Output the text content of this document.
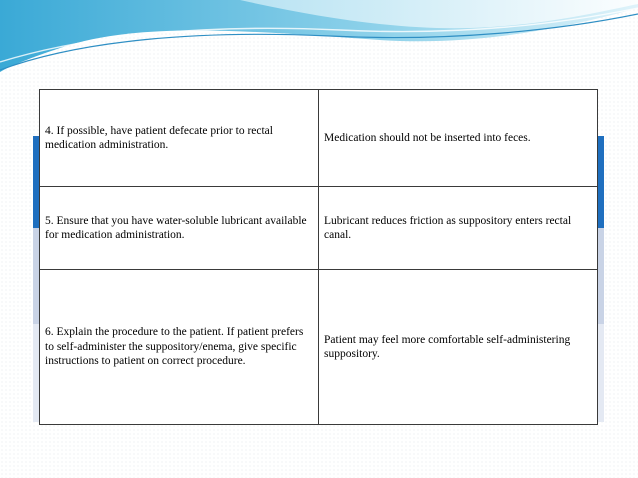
4. If possible, have patient defecate prior to rectal medication administration.	Medication should not be inserted into feces.

5. Ensure that you have water-soluble lubricant available for medication administration.	Lubricant reduces friction as suppository enters rectal canal.

6. Explain the procedure to the patient. If patient prefers to self-administer the suppository/enema, give specific instructions to patient on correct procedure.	Patient may feel more comfortable self-administering suppository.
